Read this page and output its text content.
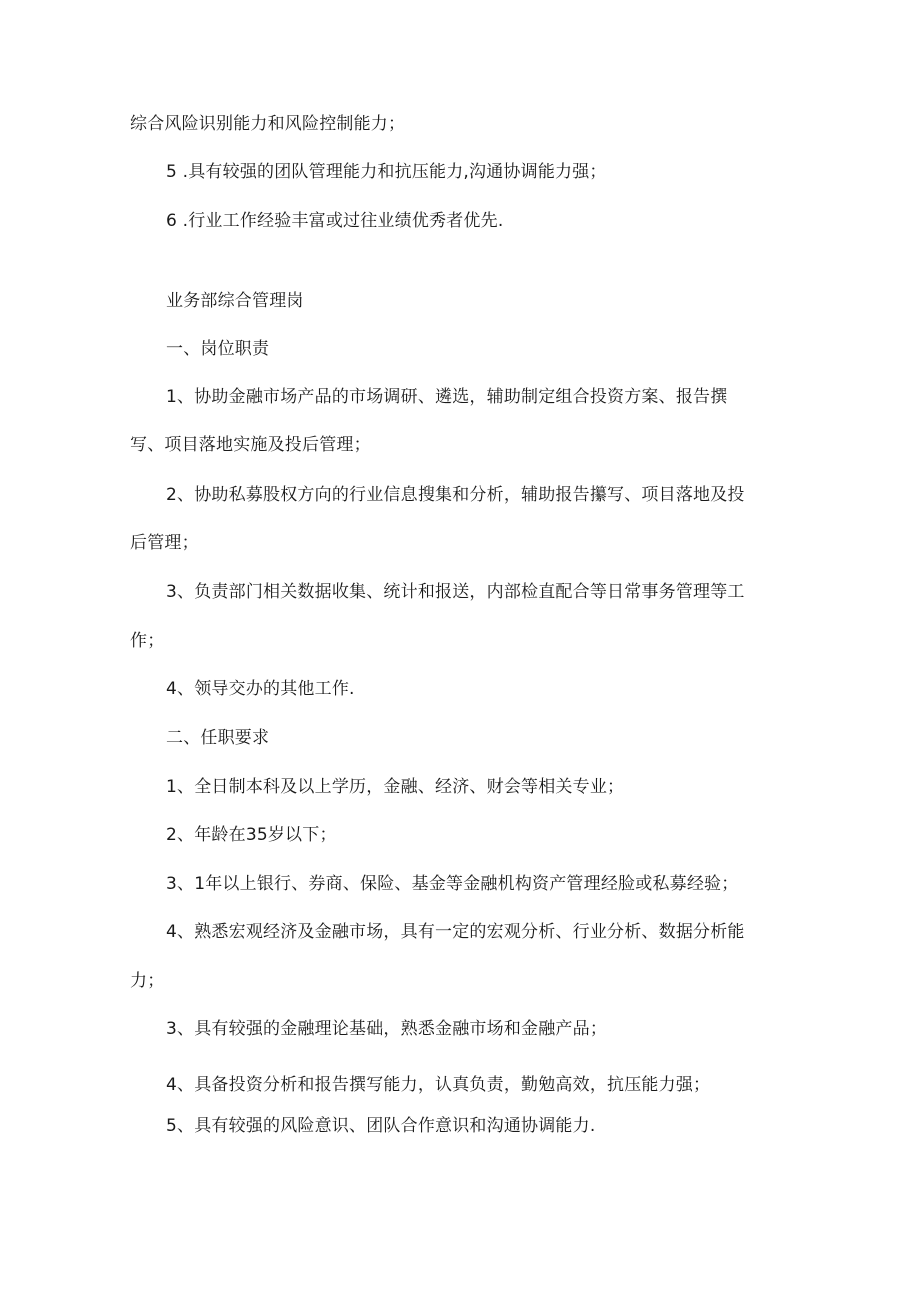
综合风险识别能力和风险控制能力；
5 .具有较强的团队管理能力和抗压能力,沟通协调能力强；
6 .行业工作经验丰富或过往业绩优秀者优先.
业务部综合管理岗
一、岗位职责
1、协助金融市场产品的市场调研、遴选，辅助制定组合投资方案、报告撰
写、项目落地实施及投后管理；
2、协助私募股权方向的行业信息搜集和分析，辅助报告攥写、项目落地及投
后管理；
3、负责部门相关数据收集、统计和报送，内部检直配合等日常事务管理等工
作；
4、领导交办的其他工作.
二、任职要求
1、全日制本科及以上学历，金融、经济、财会等相关专业；
2、年龄在35岁以下；
3、1年以上银行、券商、保险、基金等金融机构资产管理经脸或私募经验；
4、熟悉宏观经济及金融市场，具有一定的宏观分析、行业分析、数据分析能
力；
3、具有较强的金融理论基础，熟悉金融市场和金融产品；
4、具备投资分析和报告撰写能力，认真负责，勤勉高效，抗压能力强；
5、具有较强的风险意识、团队合作意识和沟通协调能力.
